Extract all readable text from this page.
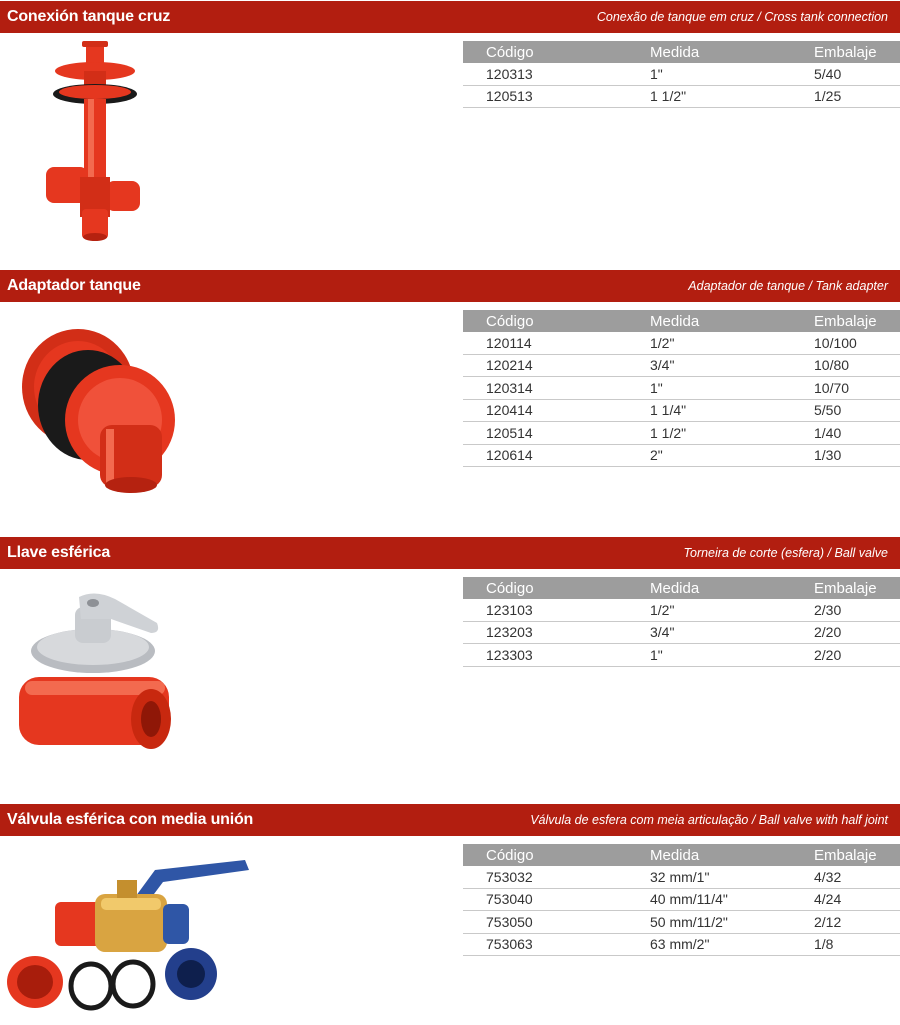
Conexión tanque cruz	Conexão de tanque em cruz / Cross tank connection
Código	Medida	Embalaje
120313	1"	5/40
120513	1 1/2"	1/25
Adaptador tanque	Adaptador de tanque / Tank adapter
Código	Medida	Embalaje
120114	1/2"	10/100
120214	3/4"	10/80
120314	1"	10/70
120414	1 1/4"	5/50
120514	1 1/2"	1/40
120614	2"	1/30
Llave esférica	Torneira de corte (esfera) / Ball valve
Código	Medida	Embalaje
123103	1/2"	2/30
123203	3/4"	2/20
123303	1"	2/20
Válvula esférica con media unión	Válvula de esfera com meia articulação / Ball valve with half joint
Código	Medida	Embalaje
753032	32 mm/1"	4/32
753040	40 mm/11/4"	4/24
753050	50 mm/11/2"	2/12
753063	63 mm/2"	1/8
